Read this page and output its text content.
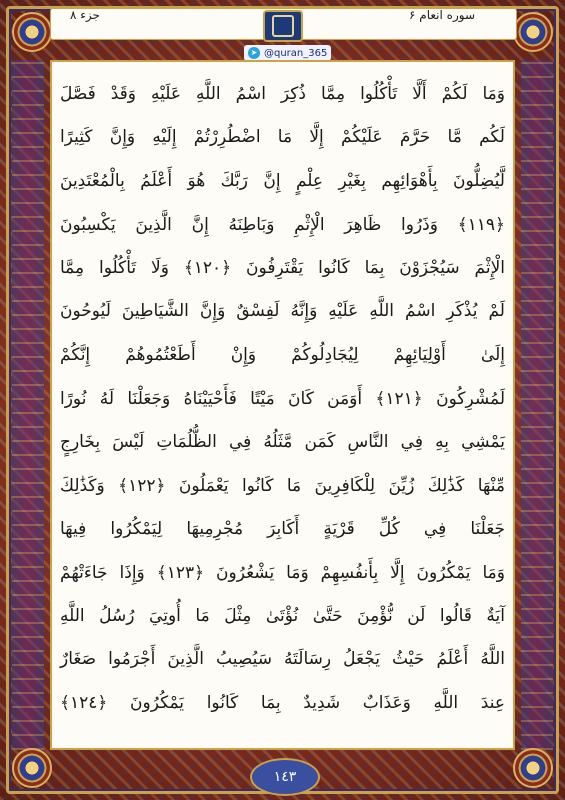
جزء ۸	سوره انعام ۶
➤ @quran_365
وَمَا لَكُمْ أَلَّا تَأْكُلُوا مِمَّا ذُكِرَ اسْمُ اللَّهِ عَلَيْهِ وَقَدْ فَصَّلَ
لَكُم مَّا حَرَّمَ عَلَيْكُمْ إِلَّا مَا اضْطُرِرْتُمْ إِلَيْهِ وَإِنَّ كَثِيرًا
لَّيُضِلُّونَ بِأَهْوَائِهِم بِغَيْرِ عِلْمٍ إِنَّ رَبَّكَ هُوَ أَعْلَمُ بِالْمُعْتَدِينَ
﴿١١٩﴾ وَذَرُوا ظَاهِرَ الْإِثْمِ وَبَاطِنَهُ إِنَّ الَّذِينَ يَكْسِبُونَ
الْإِثْمَ سَيُجْزَوْنَ بِمَا كَانُوا يَقْتَرِفُونَ ﴿١٢٠﴾ وَلَا تَأْكُلُوا مِمَّا
لَمْ يُذْكَرِ اسْمُ اللَّهِ عَلَيْهِ وَإِنَّهُ لَفِسْقٌ وَإِنَّ الشَّيَاطِينَ لَيُوحُونَ
إِلَىٰ أَوْلِيَائِهِمْ لِيُجَادِلُوكُمْ وَإِنْ أَطَعْتُمُوهُمْ إِنَّكُمْ
لَمُشْرِكُونَ ﴿١٢١﴾ أَوَمَن كَانَ مَيْتًا فَأَحْيَيْنَاهُ وَجَعَلْنَا لَهُ نُورًا
يَمْشِي بِهِ فِي النَّاسِ كَمَن مَّثَلُهُ فِي الظُّلُمَاتِ لَيْسَ بِخَارِجٍ
مِّنْهَا كَذَٰلِكَ زُيِّنَ لِلْكَافِرِينَ مَا كَانُوا يَعْمَلُونَ ﴿١٢٢﴾ وَكَذَٰلِكَ
جَعَلْنَا فِي كُلِّ قَرْيَةٍ أَكَابِرَ مُجْرِمِيهَا لِيَمْكُرُوا فِيهَا
وَمَا يَمْكُرُونَ إِلَّا بِأَنفُسِهِمْ وَمَا يَشْعُرُونَ ﴿١٢٣﴾ وَإِذَا جَاءَتْهُمْ
آيَةٌ قَالُوا لَن نُّؤْمِنَ حَتَّىٰ نُؤْتَىٰ مِثْلَ مَا أُوتِيَ رُسُلُ اللَّهِ
اللَّهُ أَعْلَمُ حَيْثُ يَجْعَلُ رِسَالَتَهُ سَيُصِيبُ الَّذِينَ أَجْرَمُوا صَغَارٌ
عِندَ اللَّهِ وَعَذَابٌ شَدِيدٌ بِمَا كَانُوا يَمْكُرُونَ ﴿١٢٤﴾
١٤٣
